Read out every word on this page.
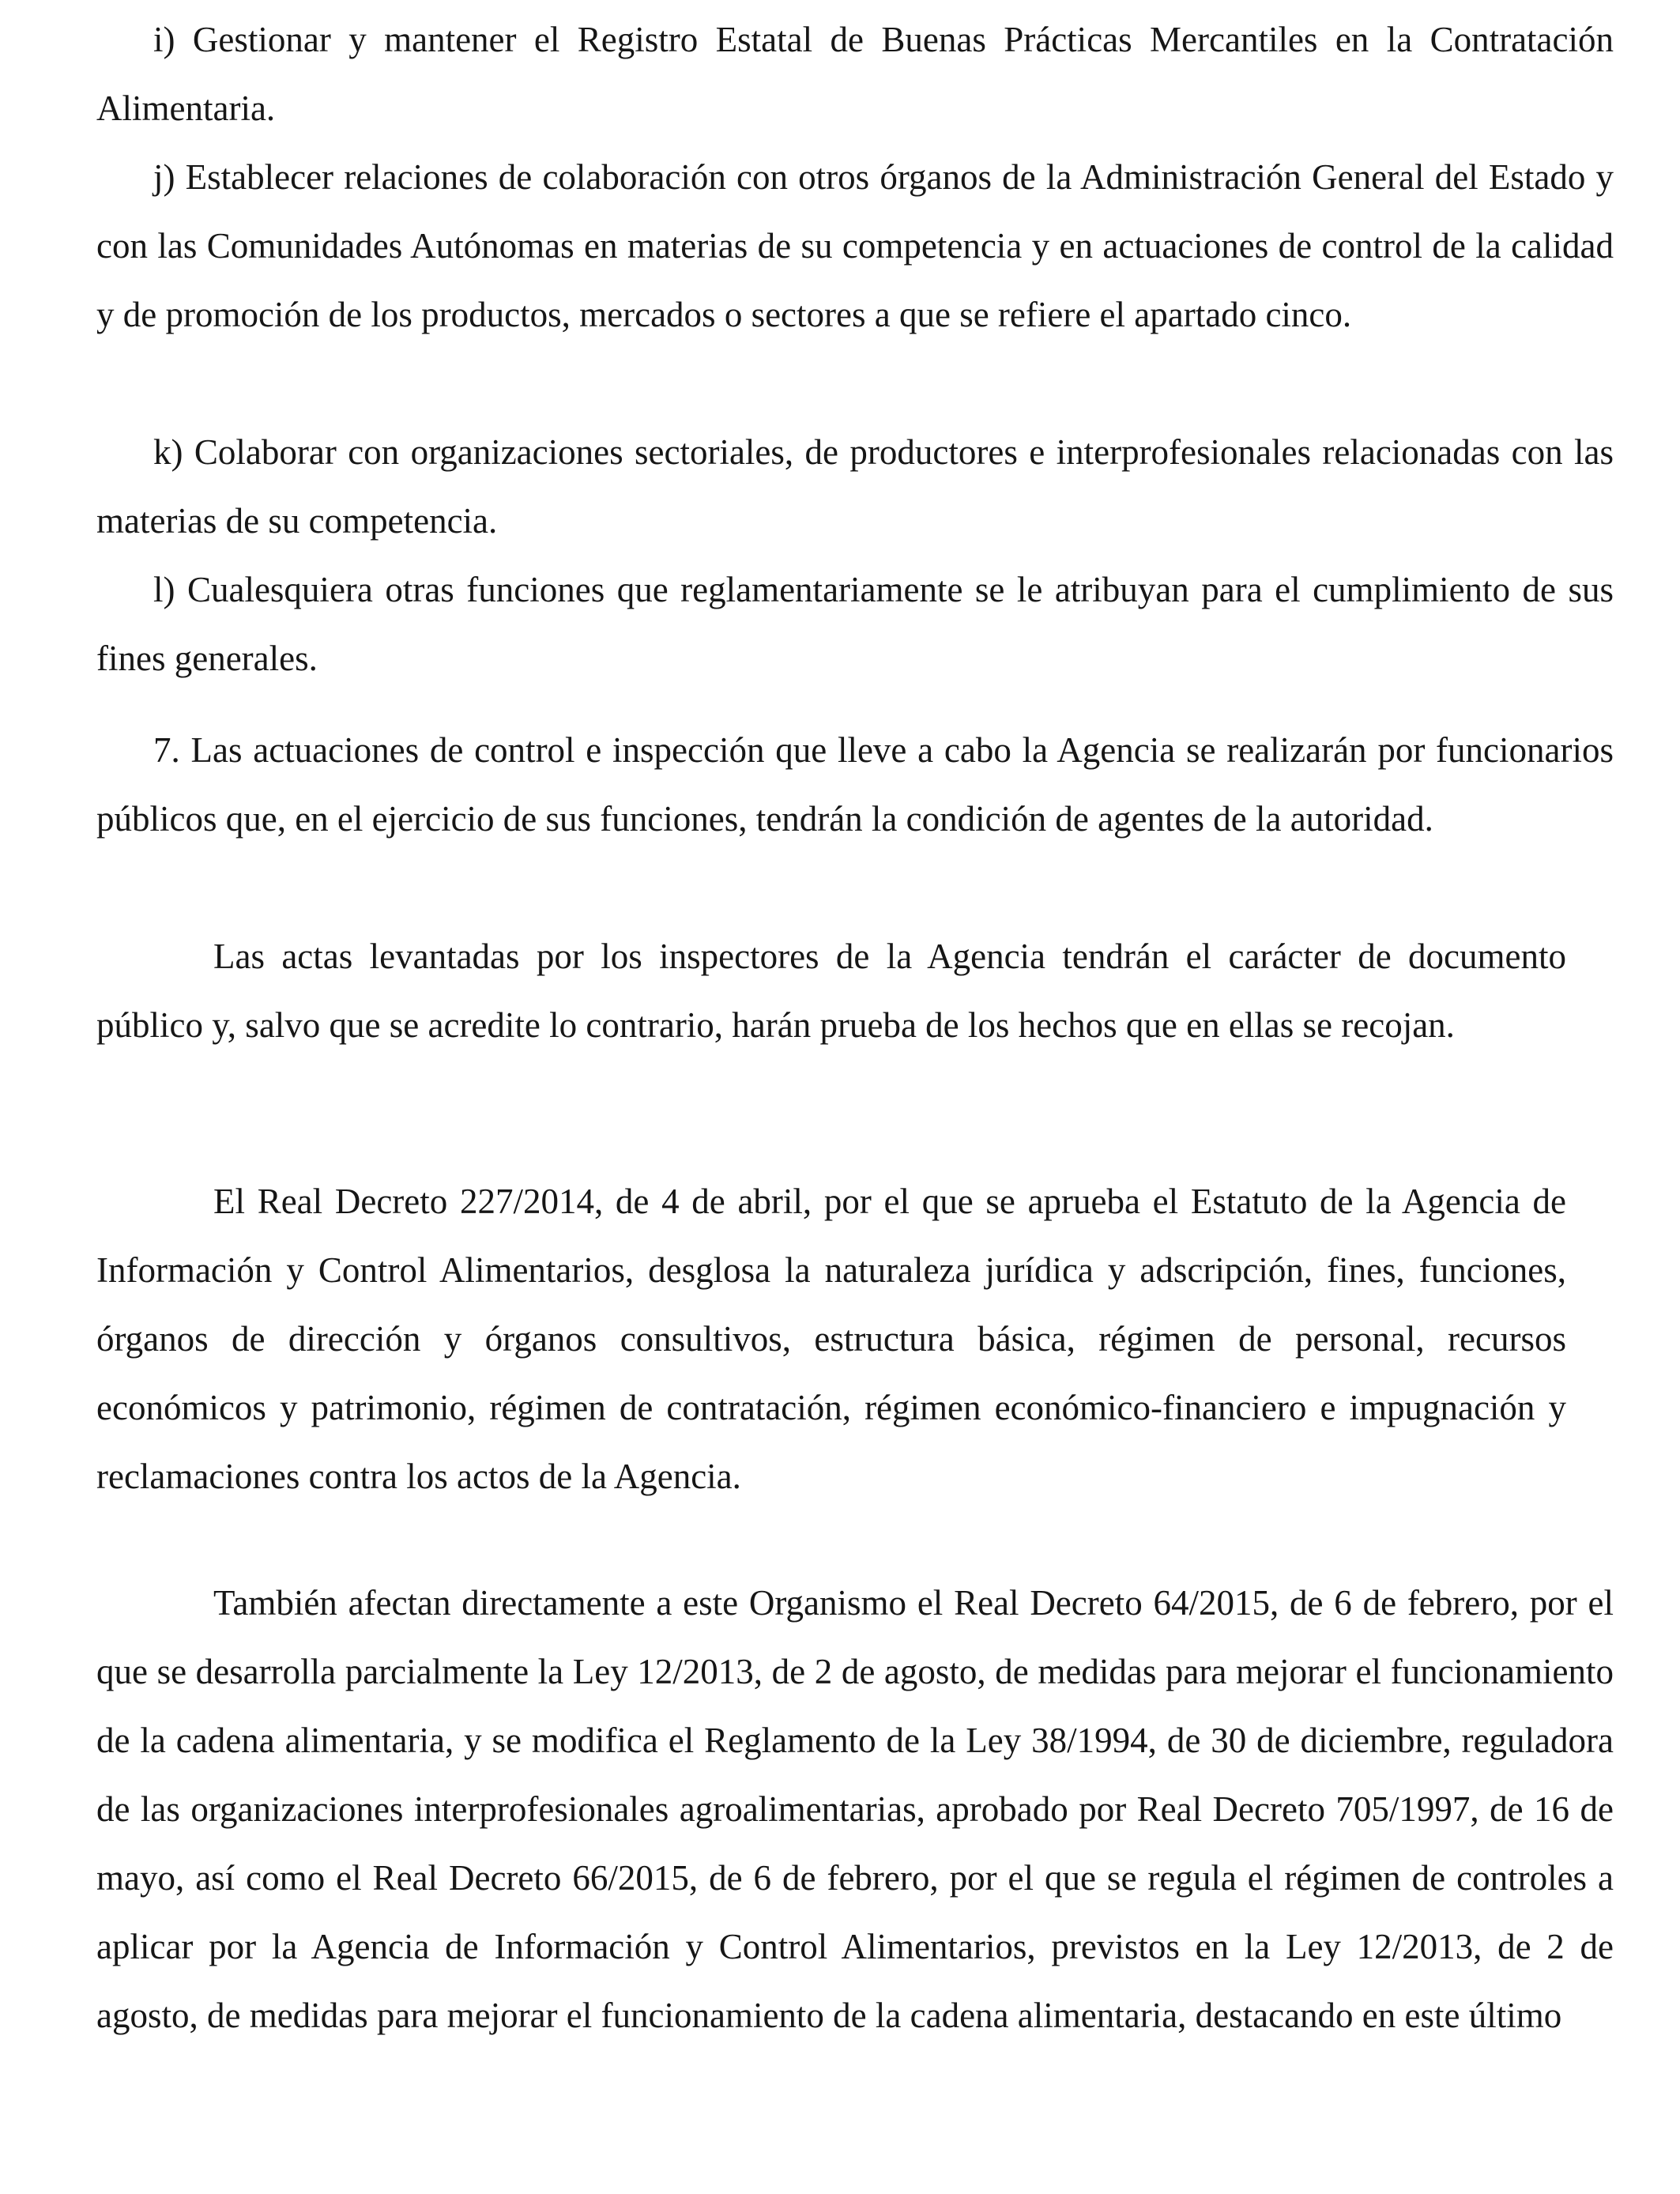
i) Gestionar y mantener el Registro Estatal de Buenas Prácticas Mercantiles en la Contratación Alimentaria.

j) Establecer relaciones de colaboración con otros órganos de la Administración General del Estado y con las Comunidades Autónomas en materias de su competencia y en actuaciones de control de la calidad y de promoción de los productos, mercados o sectores a que se refiere el apartado cinco.

k) Colaborar con organizaciones sectoriales, de productores e interprofesionales relacionadas con las materias de su competencia.

l) Cualesquiera otras funciones que reglamentariamente se le atribuyan para el cumplimiento de sus fines generales.

7. Las actuaciones de control e inspección que lleve a cabo la Agencia se realizarán por funcionarios públicos que, en el ejercicio de sus funciones, tendrán la condición de agentes de la autoridad.

Las actas levantadas por los inspectores de la Agencia tendrán el carácter de documento público y, salvo que se acredite lo contrario, harán prueba de los hechos que en ellas se recojan.

El Real Decreto 227/2014, de 4 de abril, por el que se aprueba el Estatuto de la Agencia de Información y Control Alimentarios, desglosa la naturaleza jurídica y adscripción, fines, funciones, órganos de dirección y órganos consultivos, estructura básica, régimen de personal, recursos económicos y patrimonio, régimen de contratación, régimen económico-financiero e impugnación y reclamaciones contra los actos de la Agencia.

También afectan directamente a este Organismo el Real Decreto 64/2015, de 6 de febrero, por el que se desarrolla parcialmente la Ley 12/2013, de 2 de agosto, de medidas para mejorar el funcionamiento de la cadena alimentaria, y se modifica el Reglamento de la Ley 38/1994, de 30 de diciembre, reguladora de las organizaciones interprofesionales agroalimentarias, aprobado por Real Decreto 705/1997, de 16 de mayo, así como el Real Decreto 66/2015, de 6 de febrero, por el que se regula el régimen de controles a aplicar por la Agencia de Información y Control Alimentarios, previstos en la Ley 12/2013, de 2 de agosto, de medidas para mejorar el funcionamiento de la cadena alimentaria, destacando en este último
